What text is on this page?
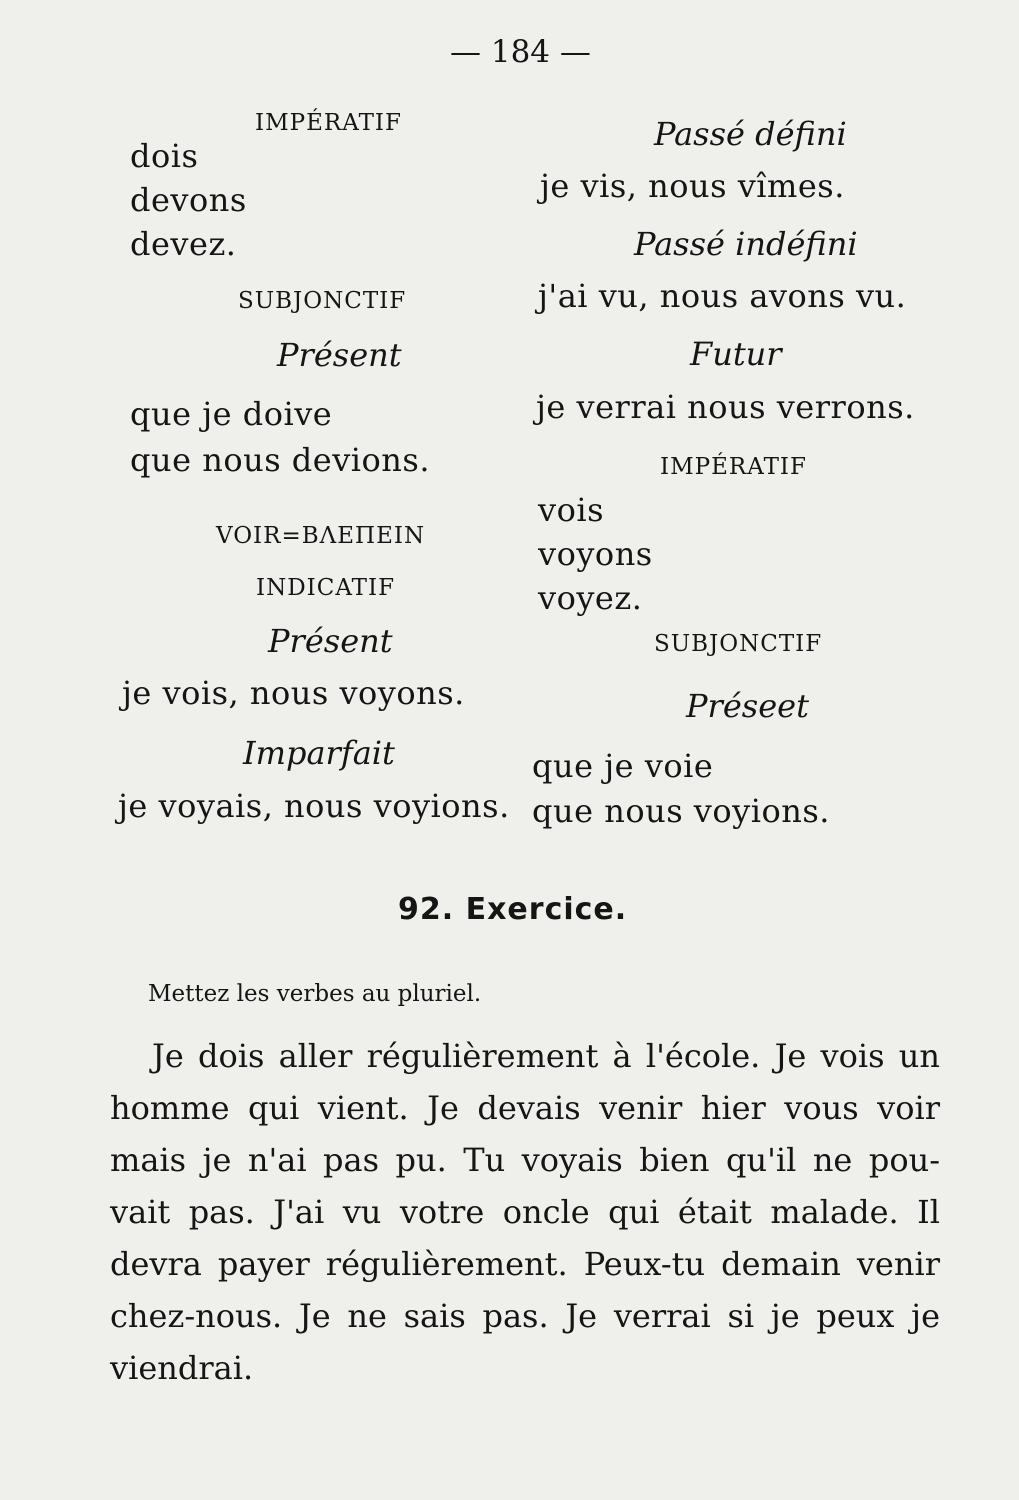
— 184 —
IMPÉRATIF
dois
devons
devez.
SUBJONCTIF
Présent
que je doive
que nous devions.
VOIR=ΒΛΕΠΕΙΝ
INDICATIF
Présent
je vois, nous voyons.
Imparfait
je voyais, nous voyions.
Passé défini
je vis, nous vîmes.
Passé indéfini
j'ai vu, nous avons vu.
Futur
je verrai nous verrons.
IMPÉRATIF
vois
voyons
voyez.
SUBJONCTIF
Préseet
que je voie
que nous voyions.
92. Exercice.
Mettez les verbes au pluriel.
Je dois aller régulièrement à l'école. Je vois un
homme qui vient. Je devais venir hier vous voir
mais je n'ai pas pu. Tu voyais bien qu'il ne pou-
vait pas. J'ai vu votre oncle qui était malade. Il
devra payer régulièrement. Peux-tu demain venir
chez-nous. Je ne sais pas. Je verrai si je peux je
viendrai.
